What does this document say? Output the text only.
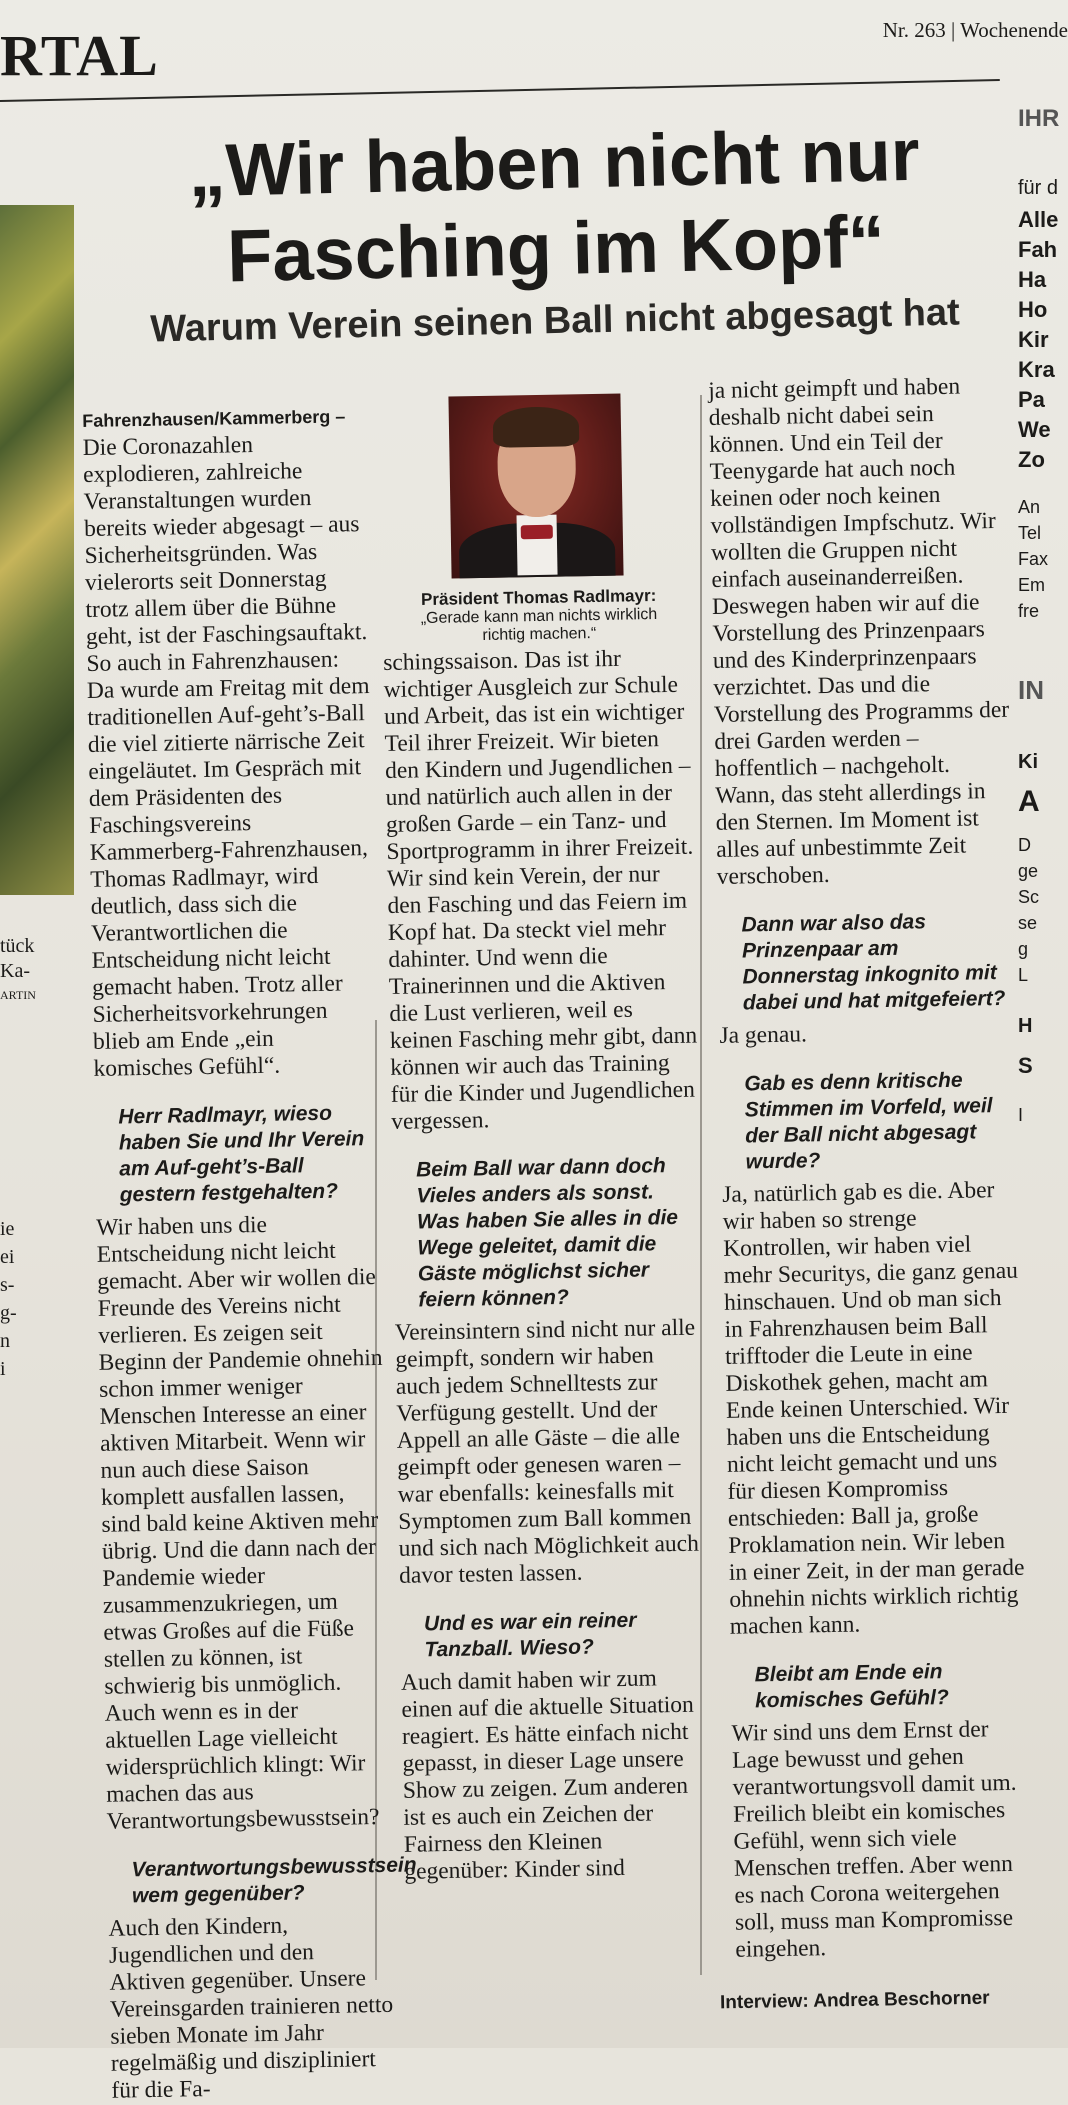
RTAL	Nr. 263 | Wochenende
tück
Ka-
ARTIN
ie
ei
s-
g-
n
i
„Wir haben nicht nur Fasching im Kopf“
Warum Verein seinen Ball nicht abgesagt hat
Präsident Thomas Radlmayr:
„Gerade kann man nichts wirklich richtig machen.“

Fahrenzhausen/Kammerberg –

Die Coronazahlen explodieren, zahlreiche Veranstaltungen wurden bereits wieder abgesagt – aus Sicherheitsgründen. Was vielerorts seit Donnerstag trotz allem über die Bühne geht, ist der Faschingsauftakt. So auch in Fahrenzhausen: Da wurde am Freitag mit dem traditionellen Auf-geht’s-Ball die viel zitierte närrische Zeit eingeläutet. Im Gespräch mit dem Präsidenten des Faschingsvereins Kammerberg-Fahrenzhausen, Thomas Radlmayr, wird deutlich, dass sich die Verantwortlichen die Entscheidung nicht leicht gemacht haben. Trotz aller Sicherheitsvorkehrungen blieb am Ende „ein komisches Gefühl“.

Herr Radlmayr, wieso haben Sie und Ihr Verein am Auf-geht’s-Ball gestern festgehalten?

Wir haben uns die Entscheidung nicht leicht gemacht. Aber wir wollen die Freunde des Vereins nicht verlieren. Es zeigen seit Beginn der Pandemie ohnehin schon immer weniger Menschen Interesse an einer aktiven Mitarbeit. Wenn wir nun auch diese Saison komplett ausfallen lassen, sind bald keine Aktiven mehr übrig. Und die dann nach der Pandemie wieder zusammenzukriegen, um etwas Großes auf die Füße stellen zu können, ist schwierig bis unmöglich. Auch wenn es in der aktuellen Lage vielleicht widersprüchlich klingt: Wir machen das aus Verantwortungsbewusstsein?

Verantwortungsbewusstsein wem gegenüber?

Auch den Kindern, Jugendlichen und den Aktiven gegenüber. Unsere Vereinsgarden trainieren netto sieben Monate im Jahr regelmäßig und diszipliniert für die Fa-

schingssaison. Das ist ihr wichtiger Ausgleich zur Schule und Arbeit, das ist ein wichtiger Teil ihrer Freizeit. Wir bieten den Kindern und Jugendlichen – und natürlich auch allen in der großen Garde – ein Tanz- und Sportprogramm in ihrer Freizeit. Wir sind kein Verein, der nur den Fasching und das Feiern im Kopf hat. Da steckt viel mehr dahinter. Und wenn die Trainerinnen und die Aktiven die Lust verlieren, weil es keinen Fasching mehr gibt, dann können wir auch das Training für die Kinder und Jugendlichen vergessen.

Beim Ball war dann doch Vieles anders als sonst. Was haben Sie alles in die Wege geleitet, damit die Gäste möglichst sicher feiern können?

Vereinsintern sind nicht nur alle geimpft, sondern wir haben auch jedem Schnelltests zur Verfügung gestellt. Und der Appell an alle Gäste – die alle geimpft oder genesen waren – war ebenfalls: keinesfalls mit Symptomen zum Ball kommen und sich nach Möglichkeit auch davor testen lassen.

Und es war ein reiner Tanzball. Wieso?

Auch damit haben wir zum einen auf die aktuelle Situation reagiert. Es hätte einfach nicht gepasst, in dieser Lage unsere Show zu zeigen. Zum anderen ist es auch ein Zeichen der Fairness den Kleinen gegenüber: Kinder sind

ja nicht geimpft und haben deshalb nicht dabei sein können. Und ein Teil der Teenygarde hat auch noch keinen oder noch keinen vollständigen Impfschutz. Wir wollten die Gruppen nicht einfach auseinanderreißen. Deswegen haben wir auf die Vorstellung des Prinzenpaars und des Kinderprinzenpaars verzichtet. Das und die Vorstellung des Programms der drei Garden werden – hoffentlich – nachgeholt. Wann, das steht allerdings in den Sternen. Im Moment ist alles auf unbestimmte Zeit verschoben.

Dann war also das Prinzenpaar am Donnerstag inkognito mit dabei und hat mitgefeiert?

Ja genau.

Gab es denn kritische Stimmen im Vorfeld, weil der Ball nicht abgesagt wurde?

Ja, natürlich gab es die. Aber wir haben so strenge Kontrollen, wir haben viel mehr Securitys, die ganz genau hinschauen. Und ob man sich in Fahrenzhausen beim Ball trifftoder die Leute in eine Diskothek gehen, macht am Ende keinen Unterschied. Wir haben uns die Entscheidung nicht leicht gemacht und uns für diesen Kompromiss entschieden: Ball ja, große Proklamation nein. Wir leben in einer Zeit, in der man gerade ohnehin nichts wirklich richtig machen kann.

Bleibt am Ende ein komisches Gefühl?

Wir sind uns dem Ernst der Lage bewusst und gehen verantwortungsvoll damit um. Freilich bleibt ein komisches Gefühl, wenn sich viele Menschen treffen. Aber wenn es nach Corona weitergehen soll, muss man Kompromisse eingehen.

Interview: Andrea Beschorner
IHR
für d
Alle
Fah
Ha
Ho
Kir
Kra
Pa
We
Zo
An
Tel
Fax
Em
fre
IN
Ki
A
D
ge
Sc
se
g
L
H
S
I
